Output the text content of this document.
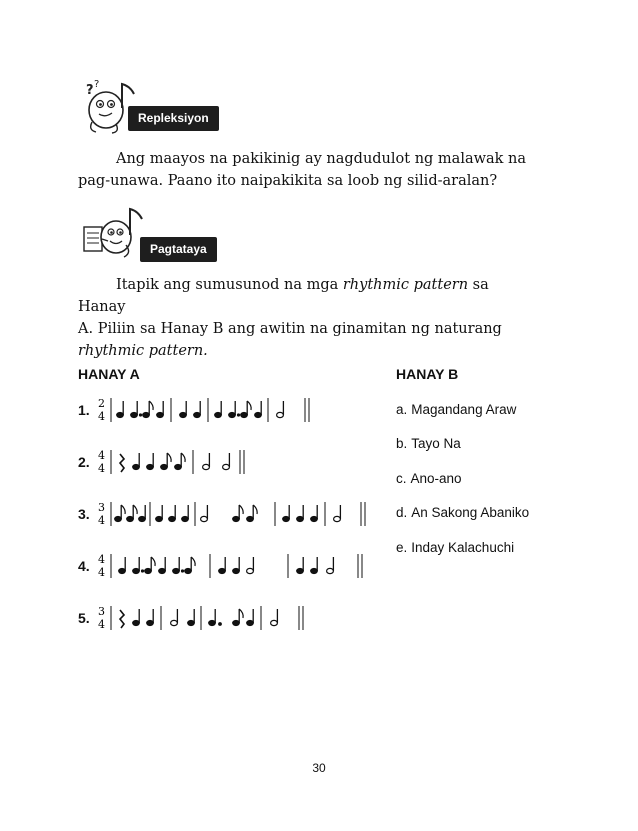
? ?
Repleksiyon

Ang maayos na pakikinig ay nagdudulot ng malawak na
pag-unawa. Paano ito naipakikita sa loob ng silid-aralan?

Pagtataya

Itapik ang sumusunod na mga rhythmic pattern sa Hanay
A. Piliin sa Hanay B ang awitin na ginamitan ng naturang
rhythmic pattern.

HANAY A	HANAY B
1. 2
4
2. 4
4
3. 3
4
4. 4
4
5. 3
4
a. Magandang Araw
b. Tayo Na
c. Ano-ano
d. An Sakong Abaniko
e. Inday Kalachuchi
30
